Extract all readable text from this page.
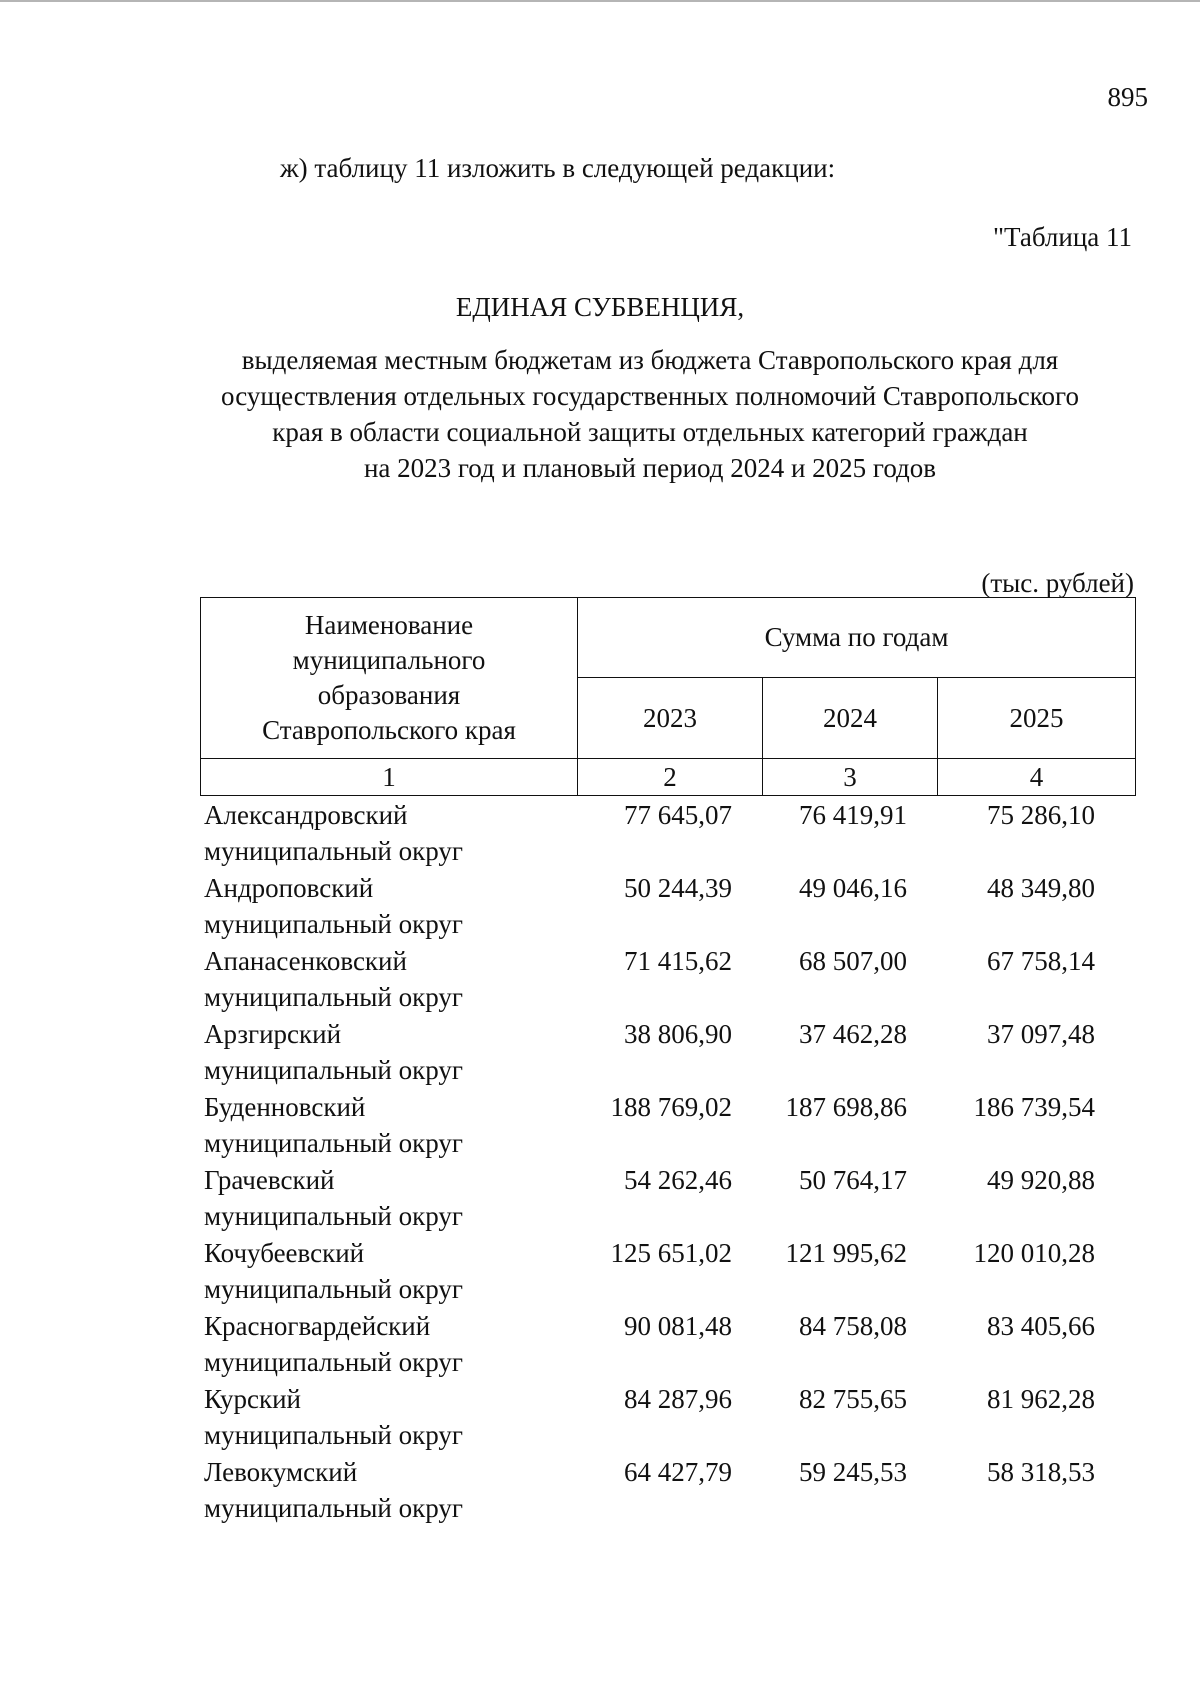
895
ж) таблицу 11 изложить в следующей редакции:
"Таблица 11
ЕДИНАЯ СУБВЕНЦИЯ,
выделяемая местным бюджетам из бюджета Ставропольского края для
осуществления отдельных государственных полномочий Ставропольского
края в области социальной защиты отдельных категорий граждан
на 2023 год и плановый период 2024 и 2025 годов
(тыс. рублей)
Наименование
муниципального
образования
Ставропольского края	Сумма по годам		
	2023	2024	2025
1	2	3	4
Александровский
муниципальный округ
77 645,07	76 419,91	75 286,10
Андроповский
муниципальный округ
50 244,39	49 046,16	48 349,80
Апанасенковский
муниципальный округ
71 415,62	68 507,00	67 758,14
Арзгирский
муниципальный округ
38 806,90	37 462,28	37 097,48
Буденновский
муниципальный округ
188 769,02	187 698,86	186 739,54
Грачевский
муниципальный округ
54 262,46	50 764,17	49 920,88
Кочубеевский
муниципальный округ
125 651,02	121 995,62	120 010,28
Красногвардейский
муниципальный округ
90 081,48	84 758,08	83 405,66
Курский
муниципальный округ
84 287,96	82 755,65	81 962,28
Левокумский
муниципальный округ
64 427,79	59 245,53	58 318,53
